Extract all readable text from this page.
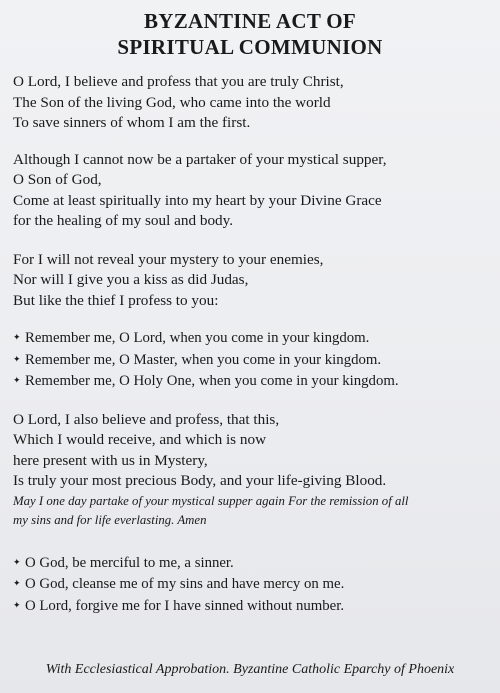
BYZANTINE ACT OF
SPIRITUAL COMMUNION
O Lord, I believe and profess that you are truly Christ,
The Son of the living God, who came into the world
To save sinners of whom I am the first.
Although I cannot now be a partaker of your mystical supper,
O Son of God,
Come at least spiritually into my heart by your Divine Grace
for the healing of my soul and body.
For I will not reveal your mystery to your enemies,
Nor will I give you a kiss as did Judas,
But like the thief I profess to you:
✦ Remember me, O Lord, when you come in your kingdom.
✦ Remember me, O Master, when you come in your kingdom.
✦ Remember me, O Holy One, when you come in your kingdom.
O Lord, I also believe and profess, that this,
Which I would receive, and which is now
here present with us in Mystery,
Is truly your most precious Body, and your life-giving Blood.
May I one day partake of your mystical supper again For the remission of all
my sins and for life everlasting. Amen
✦ O God, be merciful to me, a sinner.
✦ O God, cleanse me of my sins and have mercy on me.
✦ O Lord, forgive me for I have sinned without number.
With Ecclesiastical Approbation. Byzantine Catholic Eparchy of Phoenix
